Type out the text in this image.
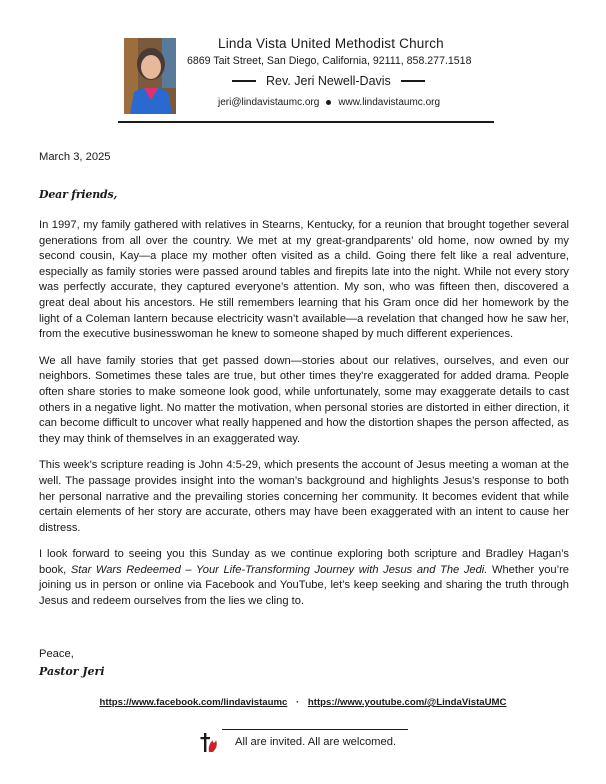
Linda Vista United Methodist Church
6869 Tait Street, San Diego, California, 92111, 858.277.1518
Rev. Jeri Newell-Davis
jeri@lindavistaumc.org www.lindavistaumc.org
March 3, 2025
Dear friends,

In 1997, my family gathered with relatives in Stearns, Kentucky, for a reunion that brought together several generations from all over the country. We met at my great-grandparents’ old home, now owned by my second cousin, Kay—a place my mother often visited as a child. Going there felt like a real adventure, especially as family stories were passed around tables and firepits late into the night. While not every story was perfectly accurate, they captured everyone’s attention. My son, who was fifteen then, discovered a great deal about his ancestors. He still remembers learning that his Gram once did her homework by the light of a Coleman lantern because electricity wasn’t available—a revelation that changed how he saw her, from the executive businesswoman he knew to someone shaped by much different experiences.

We all have family stories that get passed down—stories about our relatives, ourselves, and even our neighbors. Sometimes these tales are true, but other times they’re exaggerated for added drama. People often share stories to make someone look good, while unfortunately, some may exaggerate details to cast others in a negative light. No matter the motivation, when personal stories are distorted in either direction, it can become difficult to uncover what really happened and how the distortion shapes the person affected, as they may think of themselves in an exaggerated way.

This week’s scripture reading is John 4:5-29, which presents the account of Jesus meeting a woman at the well. The passage provides insight into the woman’s background and highlights Jesus’s response to both her personal narrative and the prevailing stories concerning her community. It becomes evident that while certain elements of her story are accurate, others may have been exaggerated with an intent to cause her distress.

I look forward to seeing you this Sunday as we continue exploring both scripture and Bradley Hagan’s book, Star Wars Redeemed – Your Life-Transforming Journey with Jesus and The Jedi. Whether you’re joining us in person or online via Facebook and YouTube, let’s keep seeking and sharing the truth through Jesus and redeem ourselves from the lies we cling to.

Peace,
Pastor Jeri
https://www.facebook.com/lindavistaumc · https://www.youtube.com/@LindaVistaUMC
All are invited. All are welcomed.
